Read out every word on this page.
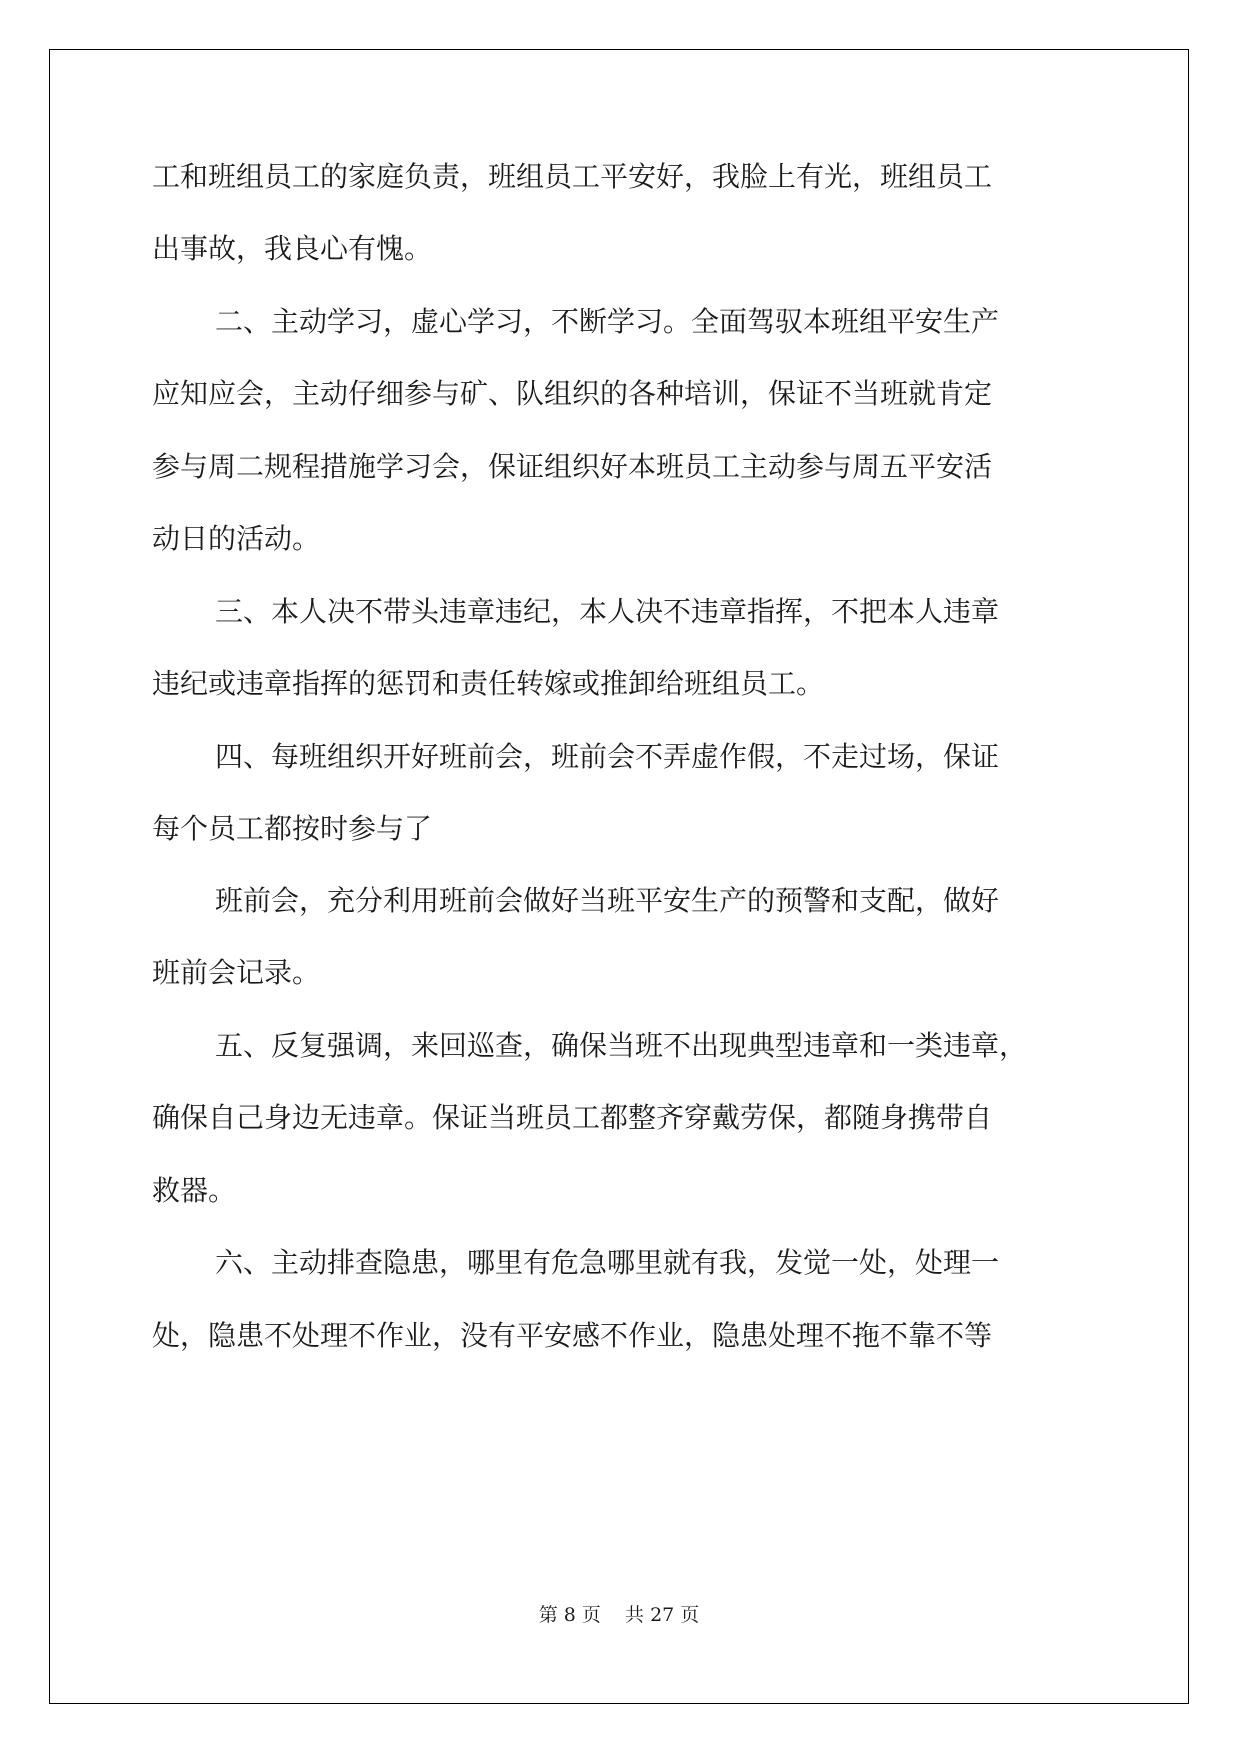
工和班组员工的家庭负责，班组员工平安好，我脸上有光，班组员工

出事故，我良心有愧。

二、主动学习，虚心学习，不断学习。全面驾驭本班组平安生产

应知应会，主动仔细参与矿、队组织的各种培训，保证不当班就肯定

参与周二规程措施学习会，保证组织好本班员工主动参与周五平安活

动日的活动。

三、本人决不带头违章违纪，本人决不违章指挥，不把本人违章

违纪或违章指挥的惩罚和责任转嫁或推卸给班组员工。

四、每班组织开好班前会，班前会不弄虚作假，不走过场，保证

每个员工都按时参与了

班前会，充分利用班前会做好当班平安生产的预警和支配，做好

班前会记录。

五、反复强调，来回巡查，确保当班不出现典型违章和一类违章，

确保自己身边无违章。保证当班员工都整齐穿戴劳保，都随身携带自

救器。

六、主动排查隐患，哪里有危急哪里就有我，发觉一处，处理一

处，隐患不处理不作业，没有平安感不作业，隐患处理不拖不靠不等

第 8 页    共 27 页
